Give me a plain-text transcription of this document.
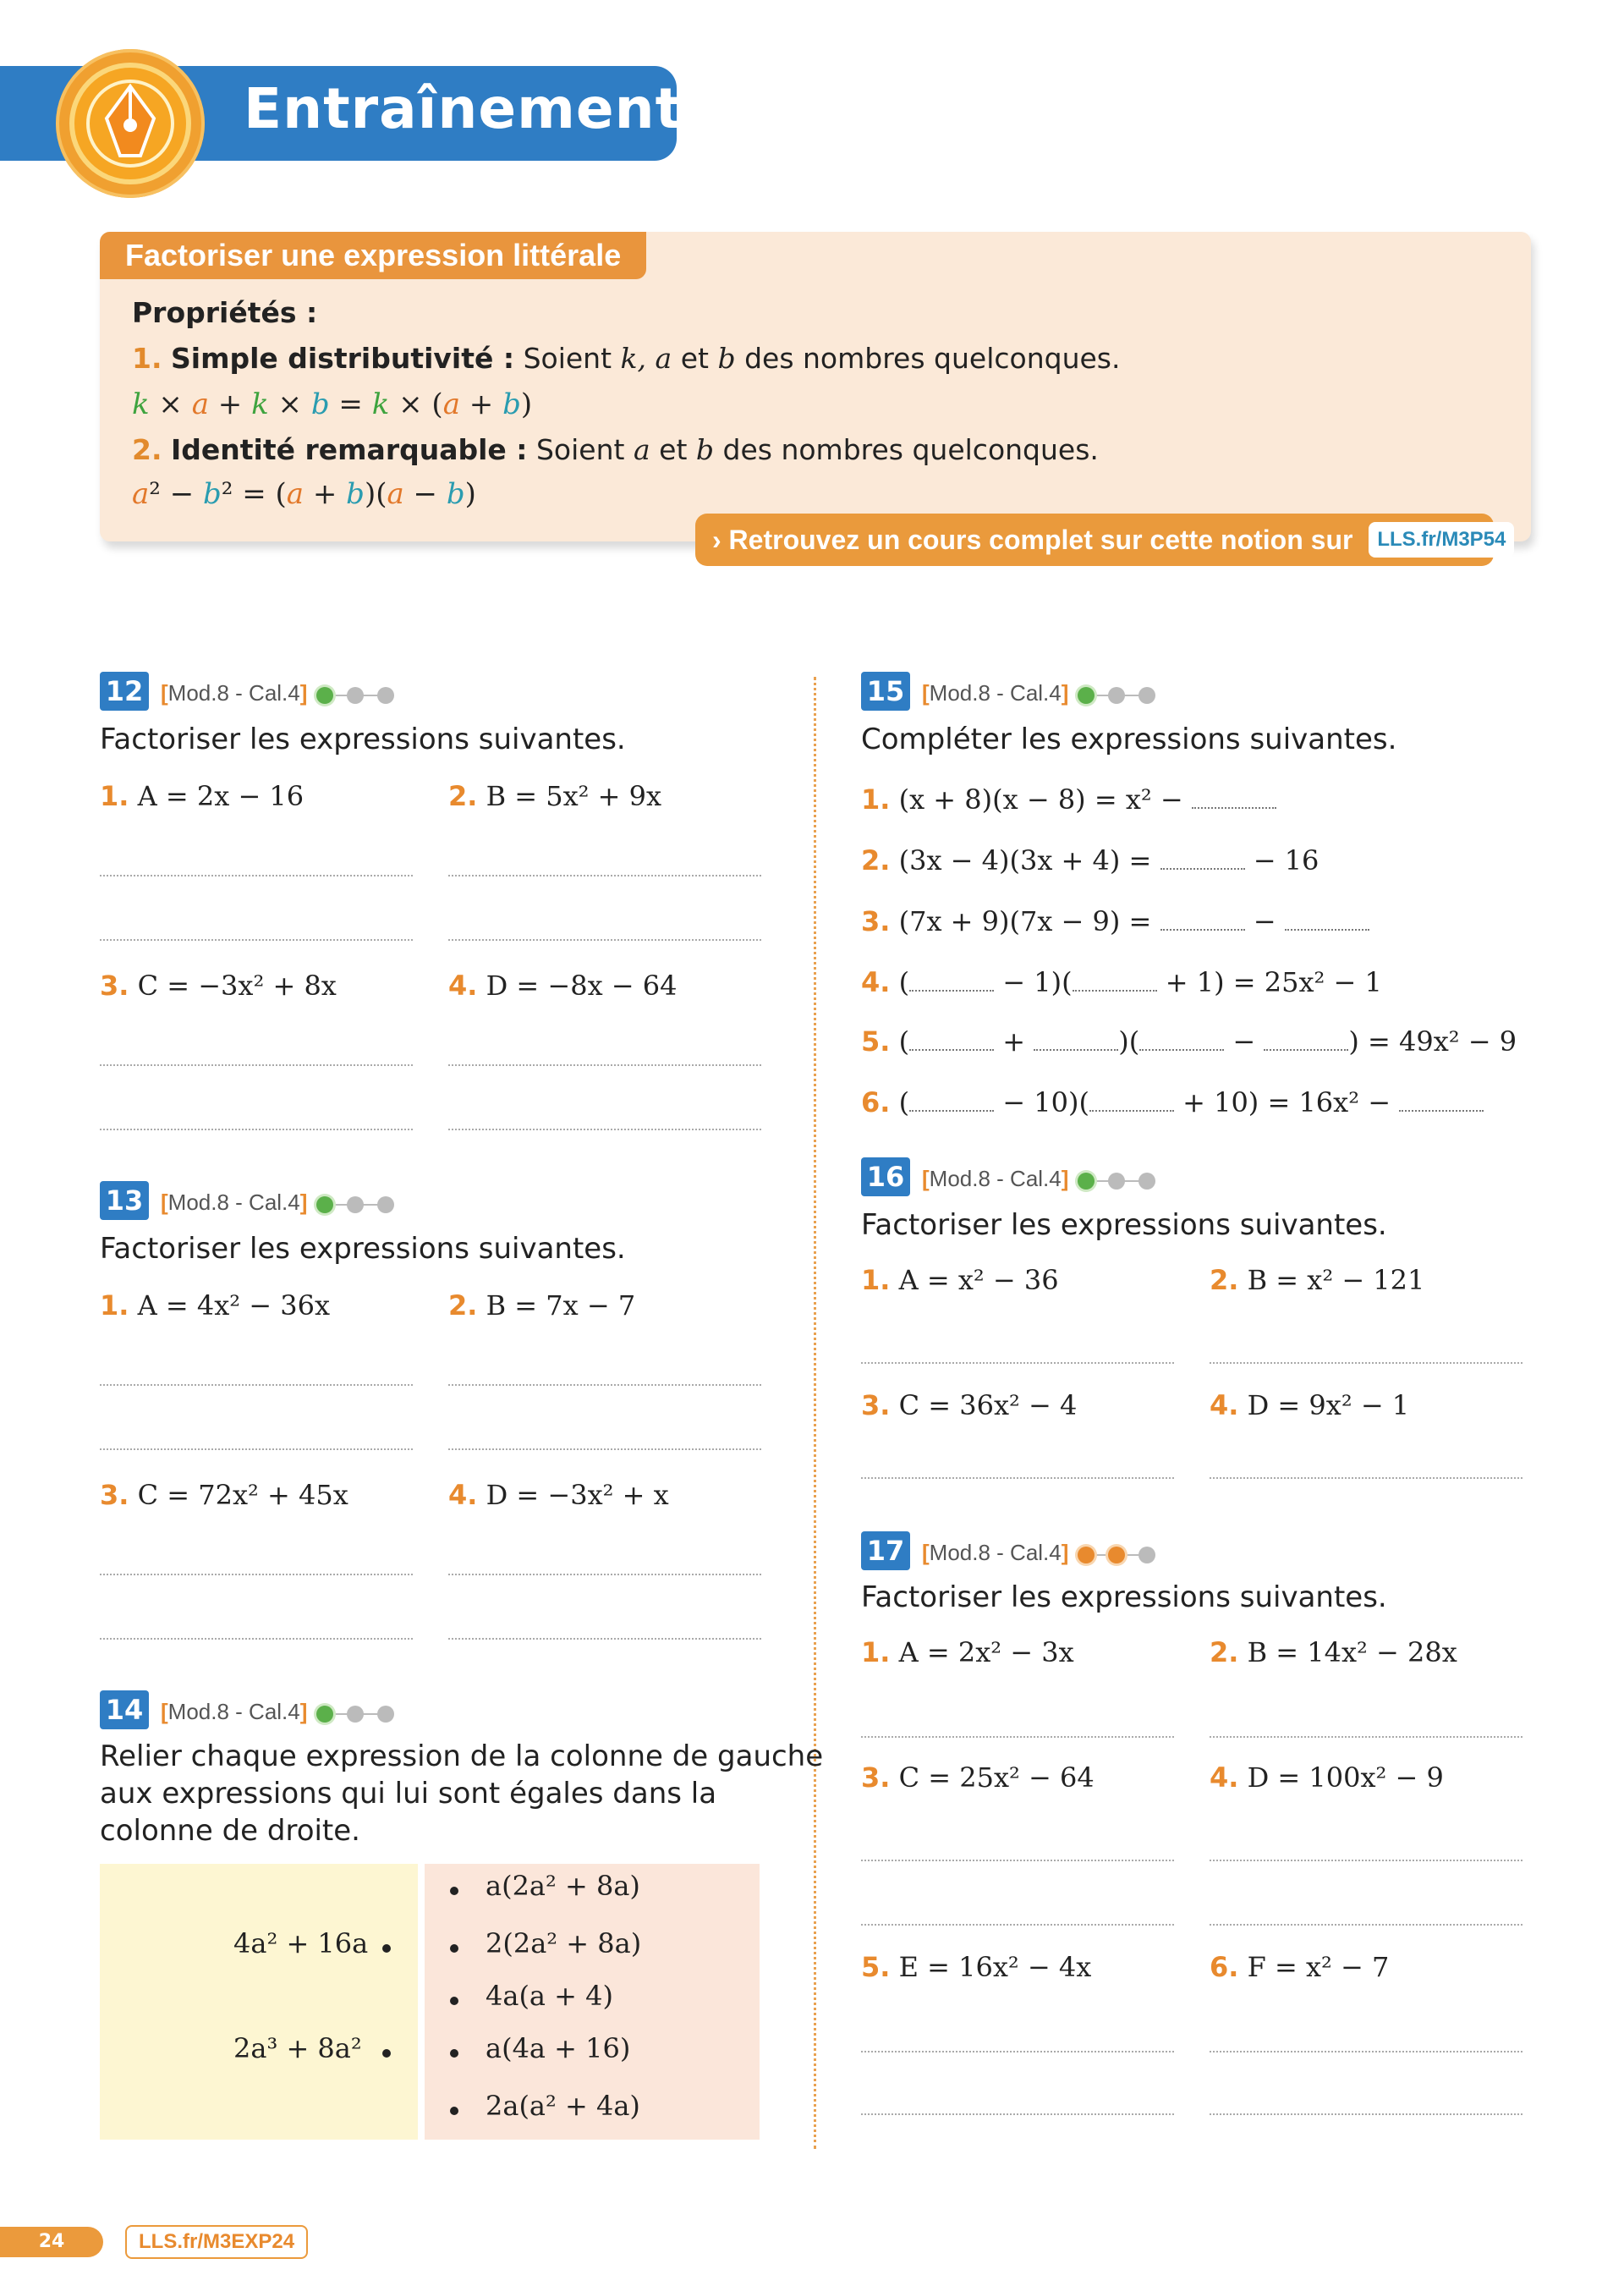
Entraînement
Factoriser une expression littérale
Propriétés :
1. Simple distributivité : Soient k, a et b des nombres quelconques.
k × a + k × b = k × (a + b)
2. Identité remarquable : Soient a et b des nombres quelconques.
a² − b² = (a + b)(a − b)
› Retrouvez un cours complet sur cette notion sur LLS.fr/M3P54
12 [Mod.8 - Cal.4]
Factoriser les expressions suivantes.
1. A = 2x − 16	2. B = 5x² + 9x
3. C = −3x² + 8x	4. D = −8x − 64
13 [Mod.8 - Cal.4]
Factoriser les expressions suivantes.
1. A = 4x² − 36x	2. B = 7x − 7
3. C = 72x² + 45x	4. D = −3x² + x
14 [Mod.8 - Cal.4]
Relier chaque expression de la colonne de gauche
aux expressions qui lui sont égales dans la
colonne de droite.
4a² + 16a
2a³ + 8a²
a(2a² + 8a)
2(2a² + 8a)
4a(a + 4)
a(4a + 16)
2a(a² + 4a)
15 [Mod.8 - Cal.4]
Compléter les expressions suivantes.
1. (x + 8)(x − 8) = x² −
2. (3x − 4)(3x + 4) =	− 16
3. (7x + 9)(7x − 9) =	−
4. (	− 1)(	+ 1) = 25x² − 1
5. (	+	)(	−	) = 49x² − 9
6. (	− 10)(	+ 10) = 16x² −
16 [Mod.8 - Cal.4]
Factoriser les expressions suivantes.
1. A = x² − 36	2. B = x² − 121
3. C = 36x² − 4	4. D = 9x² − 1
17 [Mod.8 - Cal.4]
Factoriser les expressions suivantes.
1. A = 2x² − 3x	2. B = 14x² − 28x
3. C = 25x² − 64	4. D = 100x² − 9
5. E = 16x² − 4x	6. F = x² − 7
24	LLS.fr/M3EXP24
